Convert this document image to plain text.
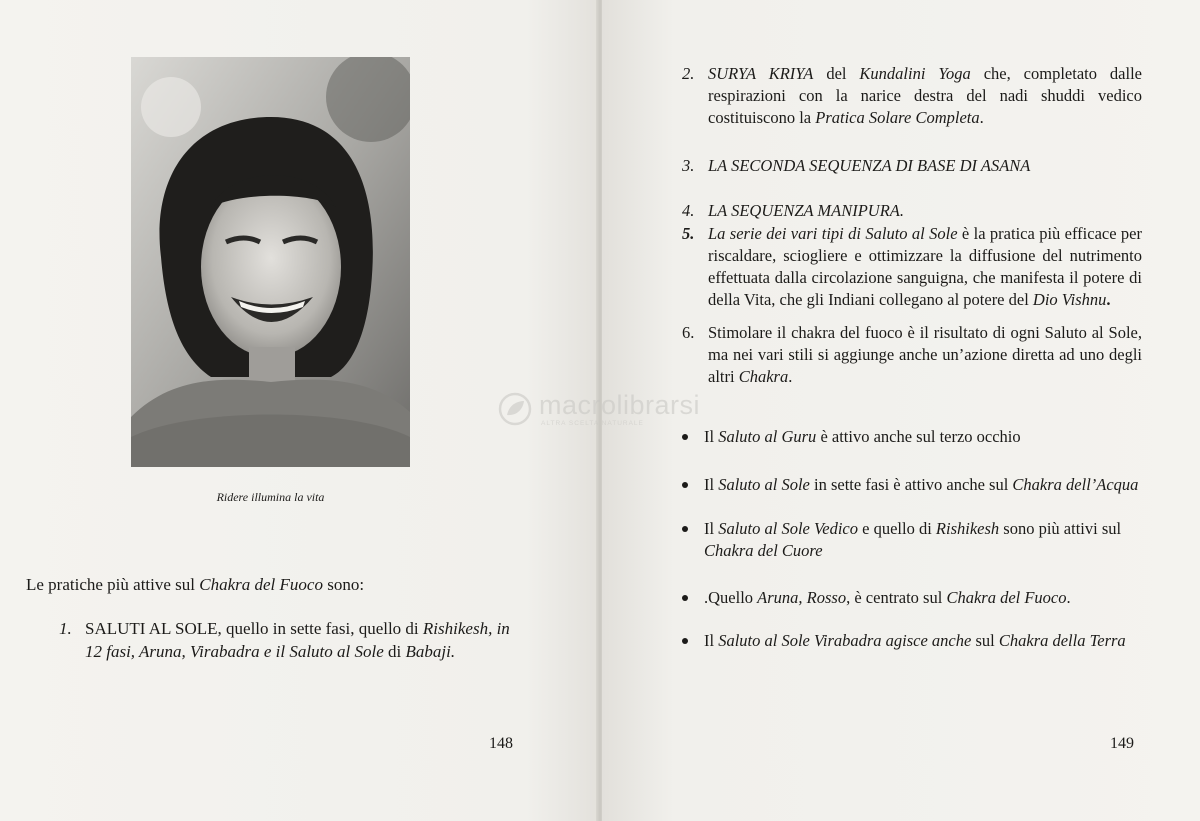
Ridere illumina la vita
Le pratiche più attive sul Chakra del Fuoco sono:
1. SALUTI AL SOLE, quello in sette fasi, quello di Rishikesh, in 12 fasi, Aruna, Virabadra e il Saluto al Sole di Babaji.
148
2. SURYA KRIYA del Kundalini Yoga che, completato dalle respirazioni con la narice destra del nadi shuddi vedico costituiscono la Pratica Solare Completa.
3. LA SECONDA SEQUENZA DI BASE DI ASANA
4. LA SEQUENZA MANIPURA.
5. La serie dei vari tipi di Saluto al Sole è la pratica più efficace per riscaldare, sciogliere e ottimizzare la diffusione del nutrimento effettuata dalla circolazione sanguigna, che manifesta il potere di della Vita, che gli Indiani collegano al potere del Dio Vishnu.
6. Stimolare il chakra del fuoco è il risultato di ogni Saluto al Sole, ma nei vari stili si aggiunge anche un’azione diretta ad uno degli altri Chakra.
Il Saluto al Guru è attivo anche sul terzo occhio
Il Saluto al Sole in sette fasi è attivo anche sul Chakra dell’Acqua
Il Saluto al Sole Vedico e quello di Rishikesh sono più attivi sul Chakra del Cuore
.Quello Aruna, Rosso, è centrato sul Chakra del Fuoco.
Il Saluto al Sole Virabadra agisce anche sul Chakra della Terra
149
macrolibrarsi
ALTRA SCELTA NATURALE
